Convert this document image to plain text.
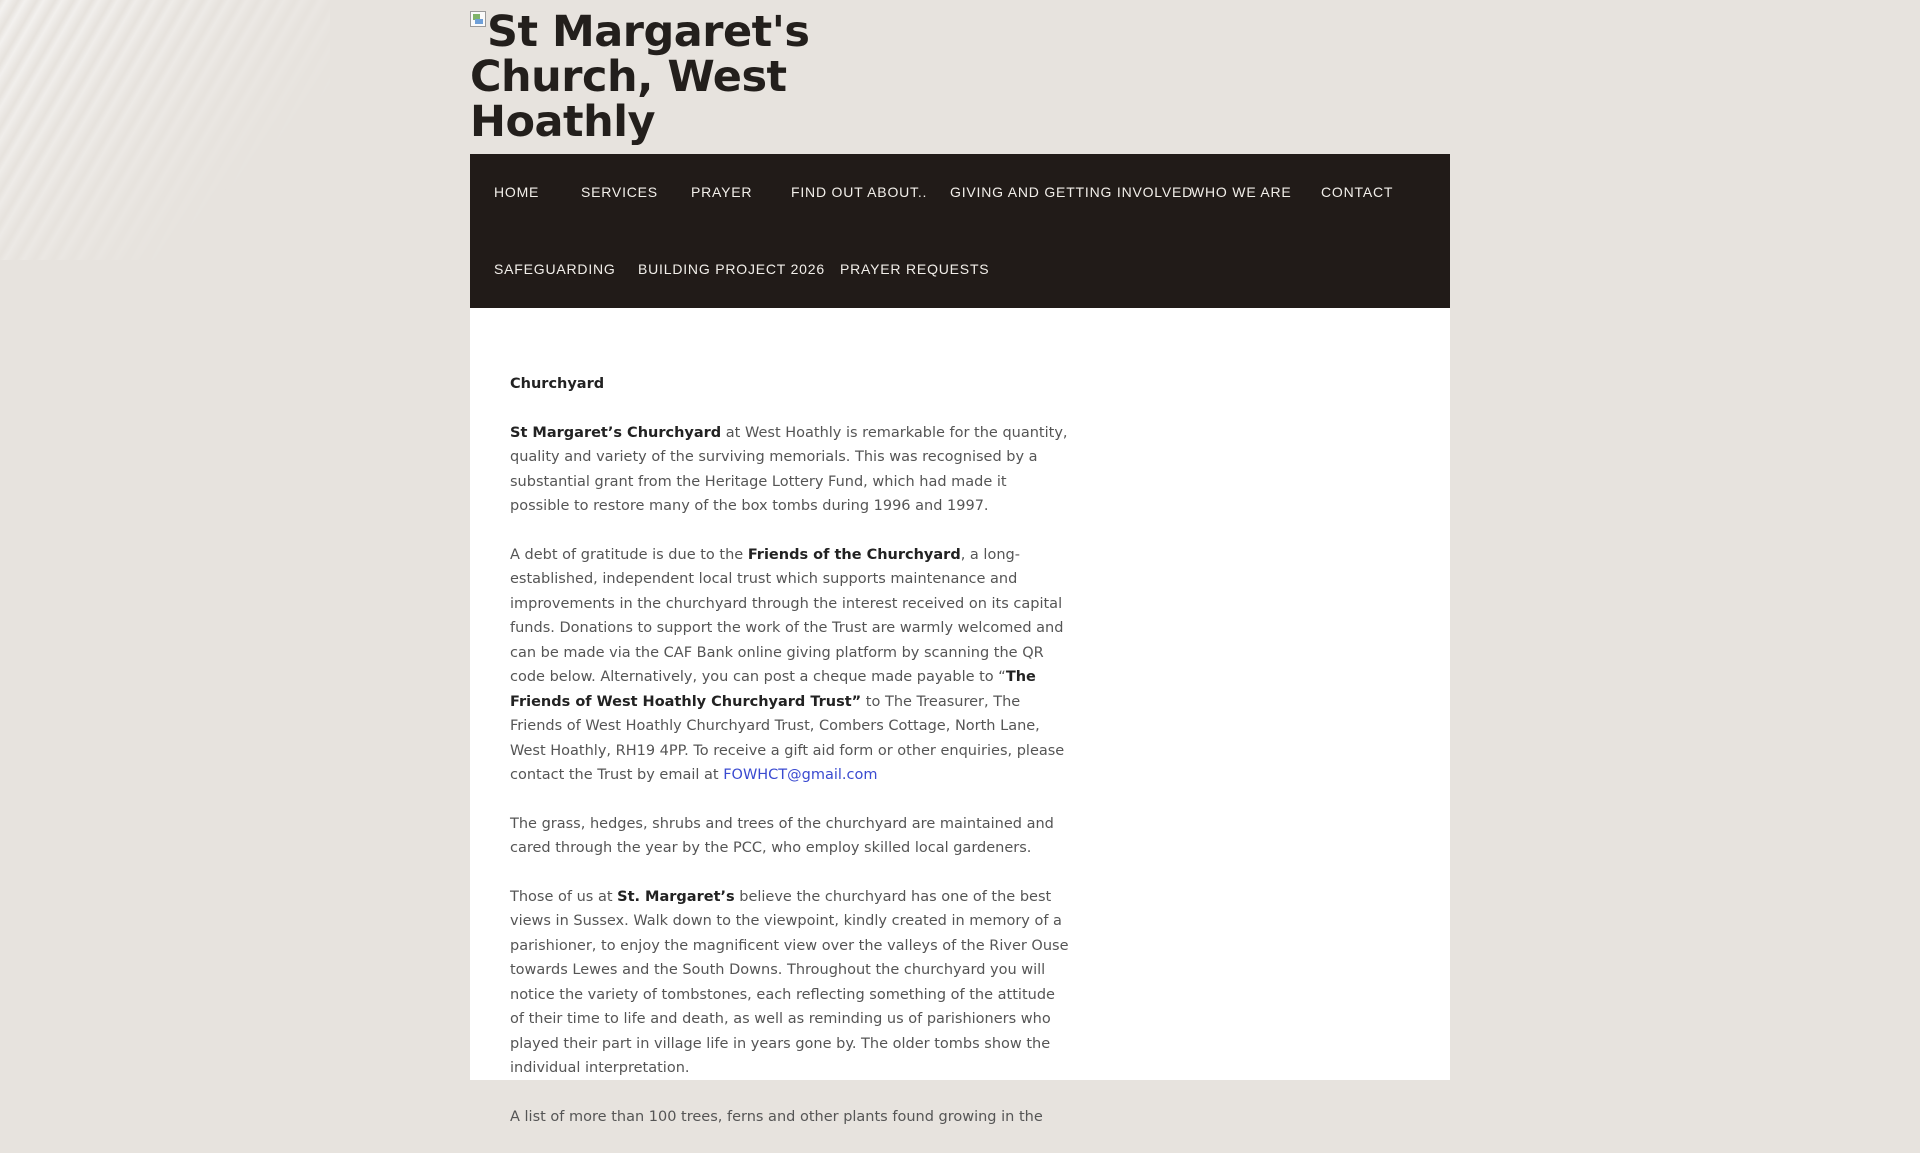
St Margaret's Church, West Hoathly
HOME	SERVICES PRAYER	FIND OUT ABOUT.. GIVING AND GETTING INVOLVED
WHO WE ARE CONTACT
SAFEGUARDING BUILDING PROJECT 2026 PRAYER REQUESTS
Churchyard

St Margaret’s Churchyard at West Hoathly is remarkable for the quantity, quality and variety of the surviving memorials. This was recognised by a substantial grant from the Heritage Lottery Fund, which had made it possible to restore many of the box tombs during 1996 and 1997.

A debt of gratitude is due to the Friends of the Churchyard, a long-established, independent local trust which supports maintenance and improvements in the churchyard through the interest received on its capital funds. Donations to support the work of the Trust are warmly welcomed and can be made via the CAF Bank online giving platform by scanning the QR code below. Alternatively, you can post a cheque made payable to “The Friends of West Hoathly Churchyard Trust” to The Treasurer, The Friends of West Hoathly Churchyard Trust, Combers Cottage, North Lane, West Hoathly, RH19 4PP. To receive a gift aid form or other enquiries, please contact the Trust by email at FOWHCT@gmail.com

The grass, hedges, shrubs and trees of the churchyard are maintained and cared through the year by the PCC, who employ skilled local gardeners.

Those of us at St. Margaret’s believe the churchyard has one of the best views in Sussex. Walk down to the viewpoint, kindly created in memory of a parishioner, to enjoy the magnificent view over the valleys of the River Ouse towards Lewes and the South Downs. Throughout the churchyard you will notice the variety of tombstones, each reflecting something of the attitude of their time to life and death, as well as reminding us of parishioners who played their part in village life in years gone by. The older tombs show the individual interpretation.

A list of more than 100 trees, ferns and other plants found growing in the
